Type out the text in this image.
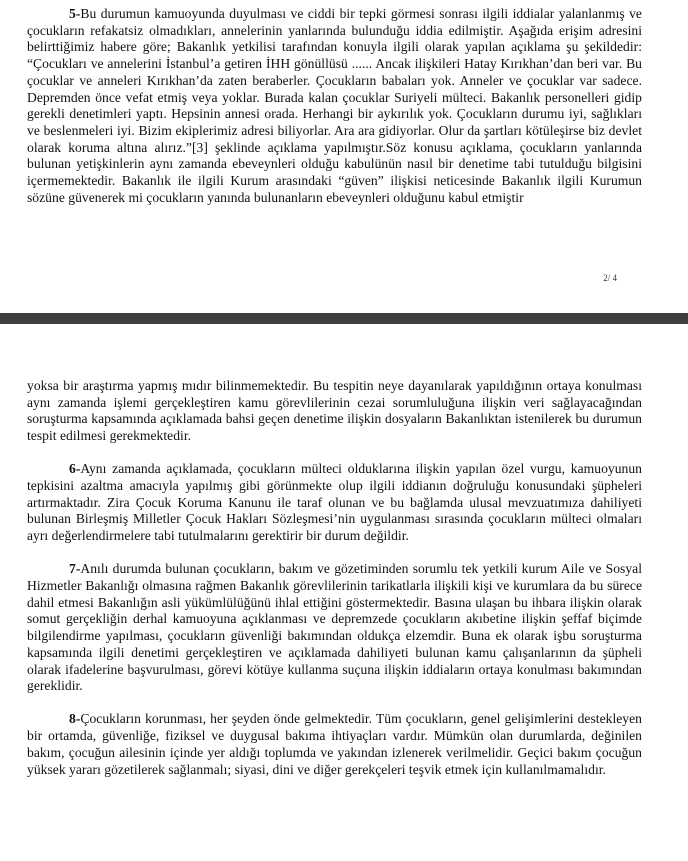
5-Bu durumun kamuoyunda duyulması ve ciddi bir tepki görmesi sonrası ilgili iddialar yalanlanmış ve çocukların refakatsiz olmadıkları, annelerinin yanlarında bulunduğu iddia edilmiştir. Aşağıda erişim adresini belirttiğimiz habere göre; Bakanlık yetkilisi tarafından konuyla ilgili olarak yapılan açıklama şu şekildedir: “Çocukları ve annelerini İstanbul’a getiren İHH gönüllüsü ...... Ancak ilişkileri Hatay Kırıkhan’dan beri var. Bu çocuklar ve anneleri Kırıkhan’da zaten beraberler. Çocukların babaları yok. Anneler ve çocuklar var sadece. Depremden önce vefat etmiş veya yoklar. Burada kalan çocuklar Suriyeli mülteci. Bakanlık personelleri gidip gerekli denetimleri yaptı. Hepsinin annesi orada. Herhangi bir aykırılık yok. Çocukların durumu iyi, sağlıkları ve beslenmeleri iyi. Bizim ekiplerimiz adresi biliyorlar. Ara ara gidiyorlar. Olur da şartları kötüleşirse biz devlet olarak koruma altına alırız.”[3] şeklinde açıklama yapılmıştır.Söz konusu açıklama, çocukların yanlarında bulunan yetişkinlerin aynı zamanda ebeveynleri olduğu kabulünün nasıl bir denetime tabi tutulduğu bilgisini içermemektedir. Bakanlık ile ilgili Kurum arasındaki “güven” ilişkisi neticesinde Bakanlık ilgili Kurumun sözüne güvenerek mi çocukların yanında bulunanların ebeveynleri olduğunu kabul etmiştir

2/ 4

yoksa bir araştırma yapmış mıdır bilinmemektedir. Bu tespitin neye dayanılarak yapıldığının ortaya konulması aynı zamanda işlemi gerçekleştiren kamu görevlilerinin cezai sorumluluğuna ilişkin veri sağlayacağından soruşturma kapsamında açıklamada bahsi geçen denetime ilişkin dosyaların Bakanlıktan istenilerek bu durumun tespit edilmesi gerekmektedir.

6-Aynı zamanda açıklamada, çocukların mülteci olduklarına ilişkin yapılan özel vurgu, kamuoyunun tepkisini azaltma amacıyla yapılmış gibi görünmekte olup ilgili iddianın doğruluğu konusundaki şüpheleri artırmaktadır. Zira Çocuk Koruma Kanunu ile taraf olunan ve bu bağlamda ulusal mevzuatımıza dahiliyeti bulunan Birleşmiş Milletler Çocuk Hakları Sözleşmesi’nin uygulanması sırasında çocukların mülteci olmaları ayrı değerlendirmelere tabi tutulmalarını gerektirir bir durum değildir.

7-Anılı durumda bulunan çocukların, bakım ve gözetiminden sorumlu tek yetkili kurum Aile ve Sosyal Hizmetler Bakanlığı olmasına rağmen Bakanlık görevlilerinin tarikatlarla ilişkili kişi ve kurumlara da bu sürece dahil etmesi Bakanlığın asli yükümlülüğünü ihlal ettiğini göstermektedir. Basına ulaşan bu ihbara ilişkin olarak somut gerçekliğin derhal kamuoyuna açıklanması ve depremzede çocukların akıbetine ilişkin şeffaf biçimde bilgilendirme yapılması, çocukların güvenliği bakımından oldukça elzemdir. Buna ek olarak işbu soruşturma kapsamında ilgili denetimi gerçekleştiren ve açıklamada dahiliyeti bulunan kamu çalışanlarının da şüpheli olarak ifadelerine başvurulması, görevi kötüye kullanma suçuna ilişkin iddiaların ortaya konulması bakımından gereklidir.

8-Çocukların korunması, her şeyden önde gelmektedir. Tüm çocukların, genel gelişimlerini destekleyen bir ortamda, güvenliğe, fiziksel ve duygusal bakıma ihtiyaçları vardır. Mümkün olan durumlarda, değinilen bakım, çocuğun ailesinin içinde yer aldığı toplumda ve yakından izlenerek verilmelidir. Geçici bakım çocuğun yüksek yararı gözetilerek sağlanmalı; siyasi, dini ve diğer gerekçeleri teşvik etmek için kullanılmamalıdır.
